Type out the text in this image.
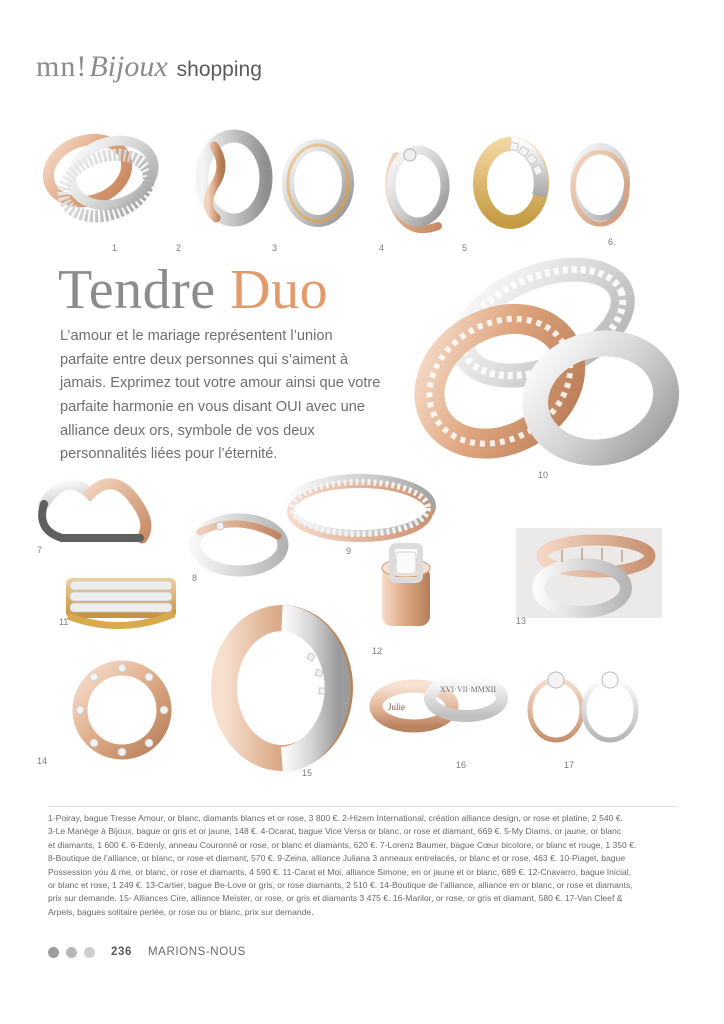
mn! Bijoux shopping
1	2	3	4	5
6.
Tendre Duo
L’amour et le mariage représentent l’union parfaite entre deux personnes qui s’aiment à jamais. Exprimez tout votre amour ainsi que votre parfaite harmonie en vous disant OUI avec une alliance deux ors, symbole de vos deux personnalités liées pour l’éternité.
10
7
8
9
11
12
13
14
15
Julie
XVI·VII·MMXII
16	17
1-Poiray, bague Tresse Amour, or blanc, diamants blancs et or rose, 3 800 €. 2-Hizem International, création alliance design, or rose et platine, 2 540 €.
3-Le Manège à Bijoux, bague or gris et or jaune, 148 €. 4-Ocarat, bague Vice Versa or blanc, or rose et diamant, 669 €. 5-My Diams, or jaune, or blanc
et diamants, 1 600 €. 6-Edenly, anneau Couronné or rose, or blanc et diamants, 620 €. 7-Lorenz Baumer, bague Cœur bicolore, or blanc et rouge, 1 350 €.
8-Boutique de l’alliance, or blanc, or rose et diamant, 570 €. 9-Zeina, alliance Juliana 3 anneaux entrelacés, or blanc et or rose, 463 €. 10-Piaget, bague
Possession you & me, or blanc, or rose et diamants, 4 590 €. 11-Carat et Moi, alliance Simone, en or jaune et or blanc, 689 €. 12-Cnavarro, bague Inicial,
or blanc et rose, 1 249 €. 13-Cartier, bague Be-Love or gris, or rose diamants, 2 510 €. 14-Boutique de l’alliance, alliance en or blanc, or rose et diamants,
prix sur demande. 15- Alliances Cire, alliance Meister, or rose, or gris et diamants 3 475 €. 16-Marilor, or rose, or gris et diamant, 580 €. 17-Van Cleef &
Arpels, bagues solitaire perlée, or rose ou or blanc, prix sur demande.
236 MARIONS-NOUS
